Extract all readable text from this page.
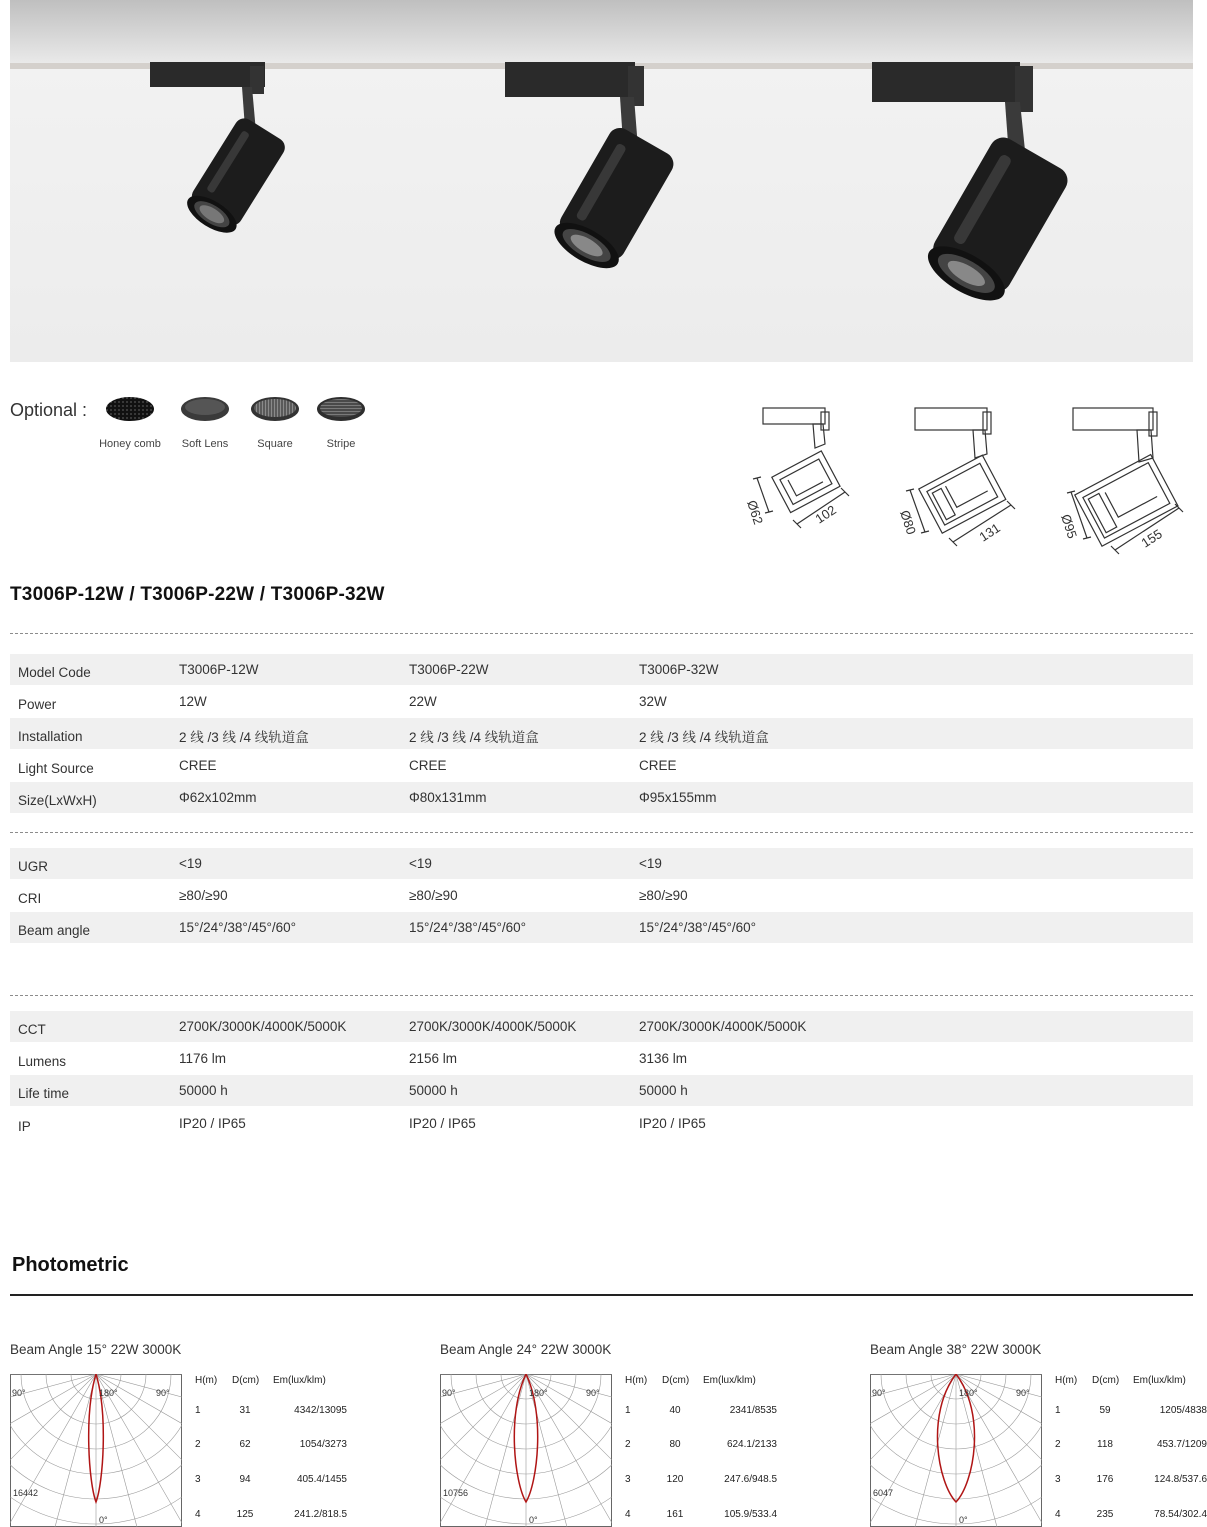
Optional :
Honey comb	Soft Lens	Square	Stripe
Ø62	102	Ø80	131	Ø95	155
T3006P-12W / T3006P-22W / T3006P-32W
Model Code	T3006P-12W	T3006P-22W	T3006P-32W
Power	12W	22W	32W
Installation	2 线 /3 线 /4 线轨道盒	2 线 /3 线 /4 线轨道盒	2 线 /3 线 /4 线轨道盒
Light Source	CREE	CREE	CREE
Size(LxWxH)	Φ62x102mm	Φ80x131mm	Φ95x155mm
UGR	<19	<19	<19
CRI	≥80/≥90	≥80/≥90	≥80/≥90
Beam angle	15°/24°/38°/45°/60°	15°/24°/38°/45°/60°	15°/24°/38°/45°/60°
CCT	2700K/3000K/4000K/5000K	2700K/3000K/4000K/5000K	2700K/3000K/4000K/5000K
Lumens	1176 lm	2156 lm	3136 lm
Life time	50000 h	50000 h	50000 h
IP	IP20 / IP65	IP20 / IP65	IP20 / IP65
Photometric
Beam Angle 15° 22W 3000K
90°	180°	90°
0°
16442
H(m) D(cm) Em(lux/klm)
1	31	4342/13095
2	62	1054/3273
3	94	405.4/1455
4	125	241.2/818.5
Beam Angle 24° 22W 3000K
90°	180°	90°
0°
10756
H(m) D(cm) Em(lux/klm)
1	40	2341/8535
2	80	624.1/2133
3	120	247.6/948.5
4	161	105.9/533.4
Beam Angle 38° 22W 3000K
90°	180°	90°
0°
6047
H(m) D(cm) Em(lux/klm)
1	59	1205/4838
2	118	453.7/1209
3	176	124.8/537.6
4	235	78.54/302.4
